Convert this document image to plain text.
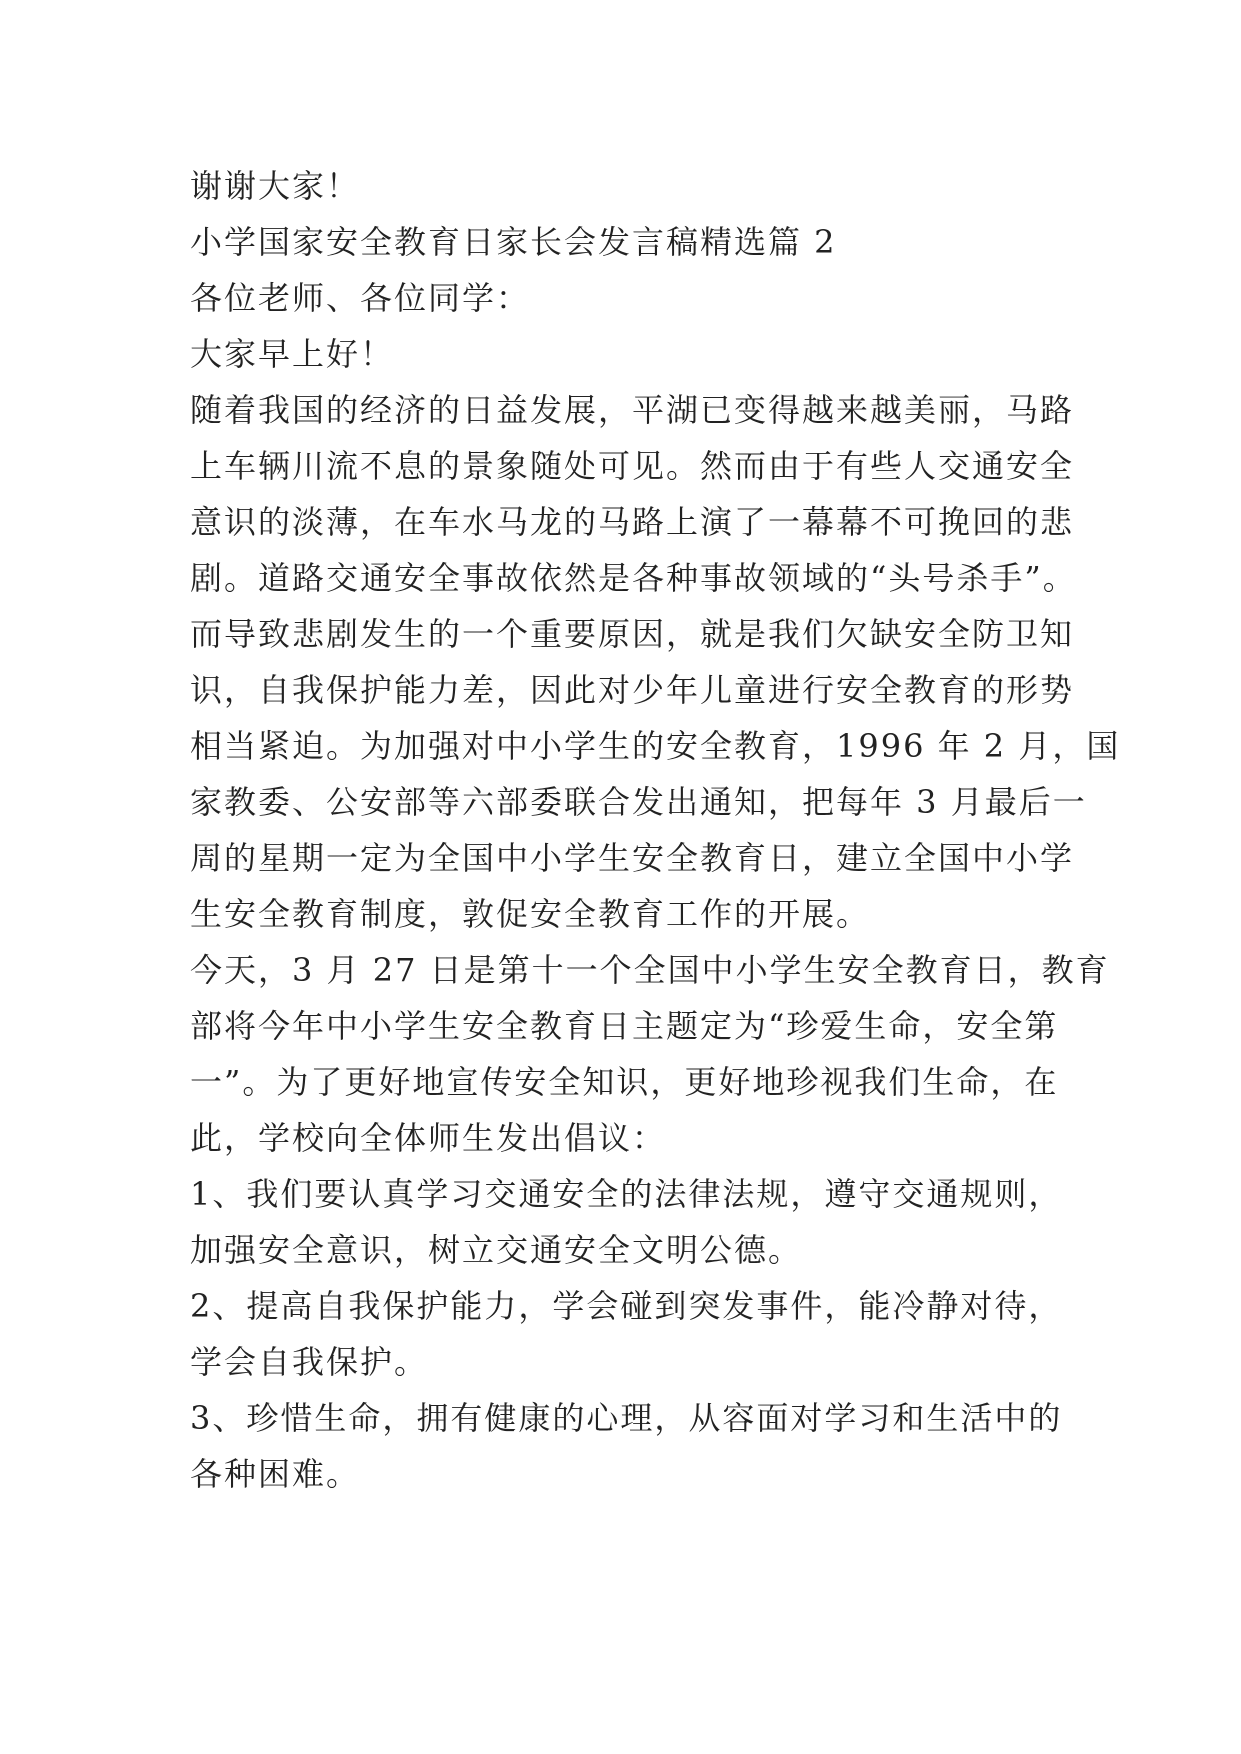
谢谢大家！
小学国家安全教育日家长会发言稿精选篇 2
各位老师、各位同学：
大家早上好！
随着我国的经济的日益发展，平湖已变得越来越美丽，马路
上车辆川流不息的景象随处可见。然而由于有些人交通安全
意识的淡薄，在车水马龙的马路上演了一幕幕不可挽回的悲
剧。道路交通安全事故依然是各种事故领域的“头号杀手”。
而导致悲剧发生的一个重要原因，就是我们欠缺安全防卫知
识，自我保护能力差，因此对少年儿童进行安全教育的形势
相当紧迫。为加强对中小学生的安全教育，1996 年 2 月，国
家教委、公安部等六部委联合发出通知，把每年 3 月最后一
周的星期一定为全国中小学生安全教育日，建立全国中小学
生安全教育制度，敦促安全教育工作的开展。
今天，3 月 27 日是第十一个全国中小学生安全教育日，教育
部将今年中小学生安全教育日主题定为“珍爱生命，安全第
一”。为了更好地宣传安全知识，更好地珍视我们生命，在
此，学校向全体师生发出倡议：
1、我们要认真学习交通安全的法律法规，遵守交通规则，
加强安全意识，树立交通安全文明公德。
2、提高自我保护能力，学会碰到突发事件，能冷静对待，
学会自我保护。
3、珍惜生命，拥有健康的心理，从容面对学习和生活中的
各种困难。
